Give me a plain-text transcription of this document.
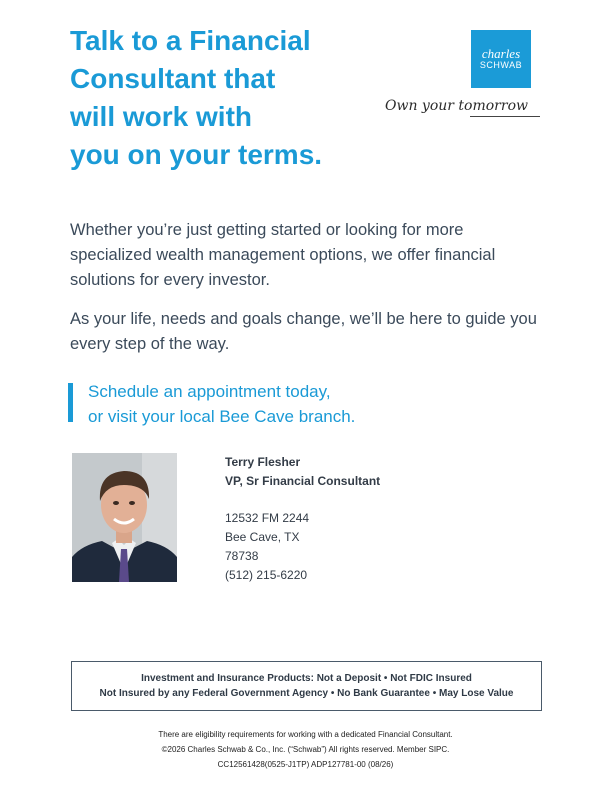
Talk to a Financial
Consultant that
will work with
you on your terms.
charles
SCHWAB
Own your tomorrow

Whether you’re just getting started or looking for more specialized wealth management options, we offer financial solutions for every investor.

As your life, needs and goals change, we’ll be here to guide you every step of the way.

Schedule an appointment today,
or visit your local Bee Cave branch.
Terry Flesher
VP, Sr Financial Consultant
12532 FM 2244
Bee Cave, TX
78738
(512) 215-6220
Investment and Insurance Products: Not a Deposit • Not FDIC Insured
Not Insured by any Federal Government Agency • No Bank Guarantee • May Lose Value
There are eligibility requirements for working with a dedicated Financial Consultant.
©2026 Charles Schwab & Co., Inc. (“Schwab”) All rights reserved. Member SIPC.
CC12561428(0525-J1TP) ADP127781-00 (08/26)
